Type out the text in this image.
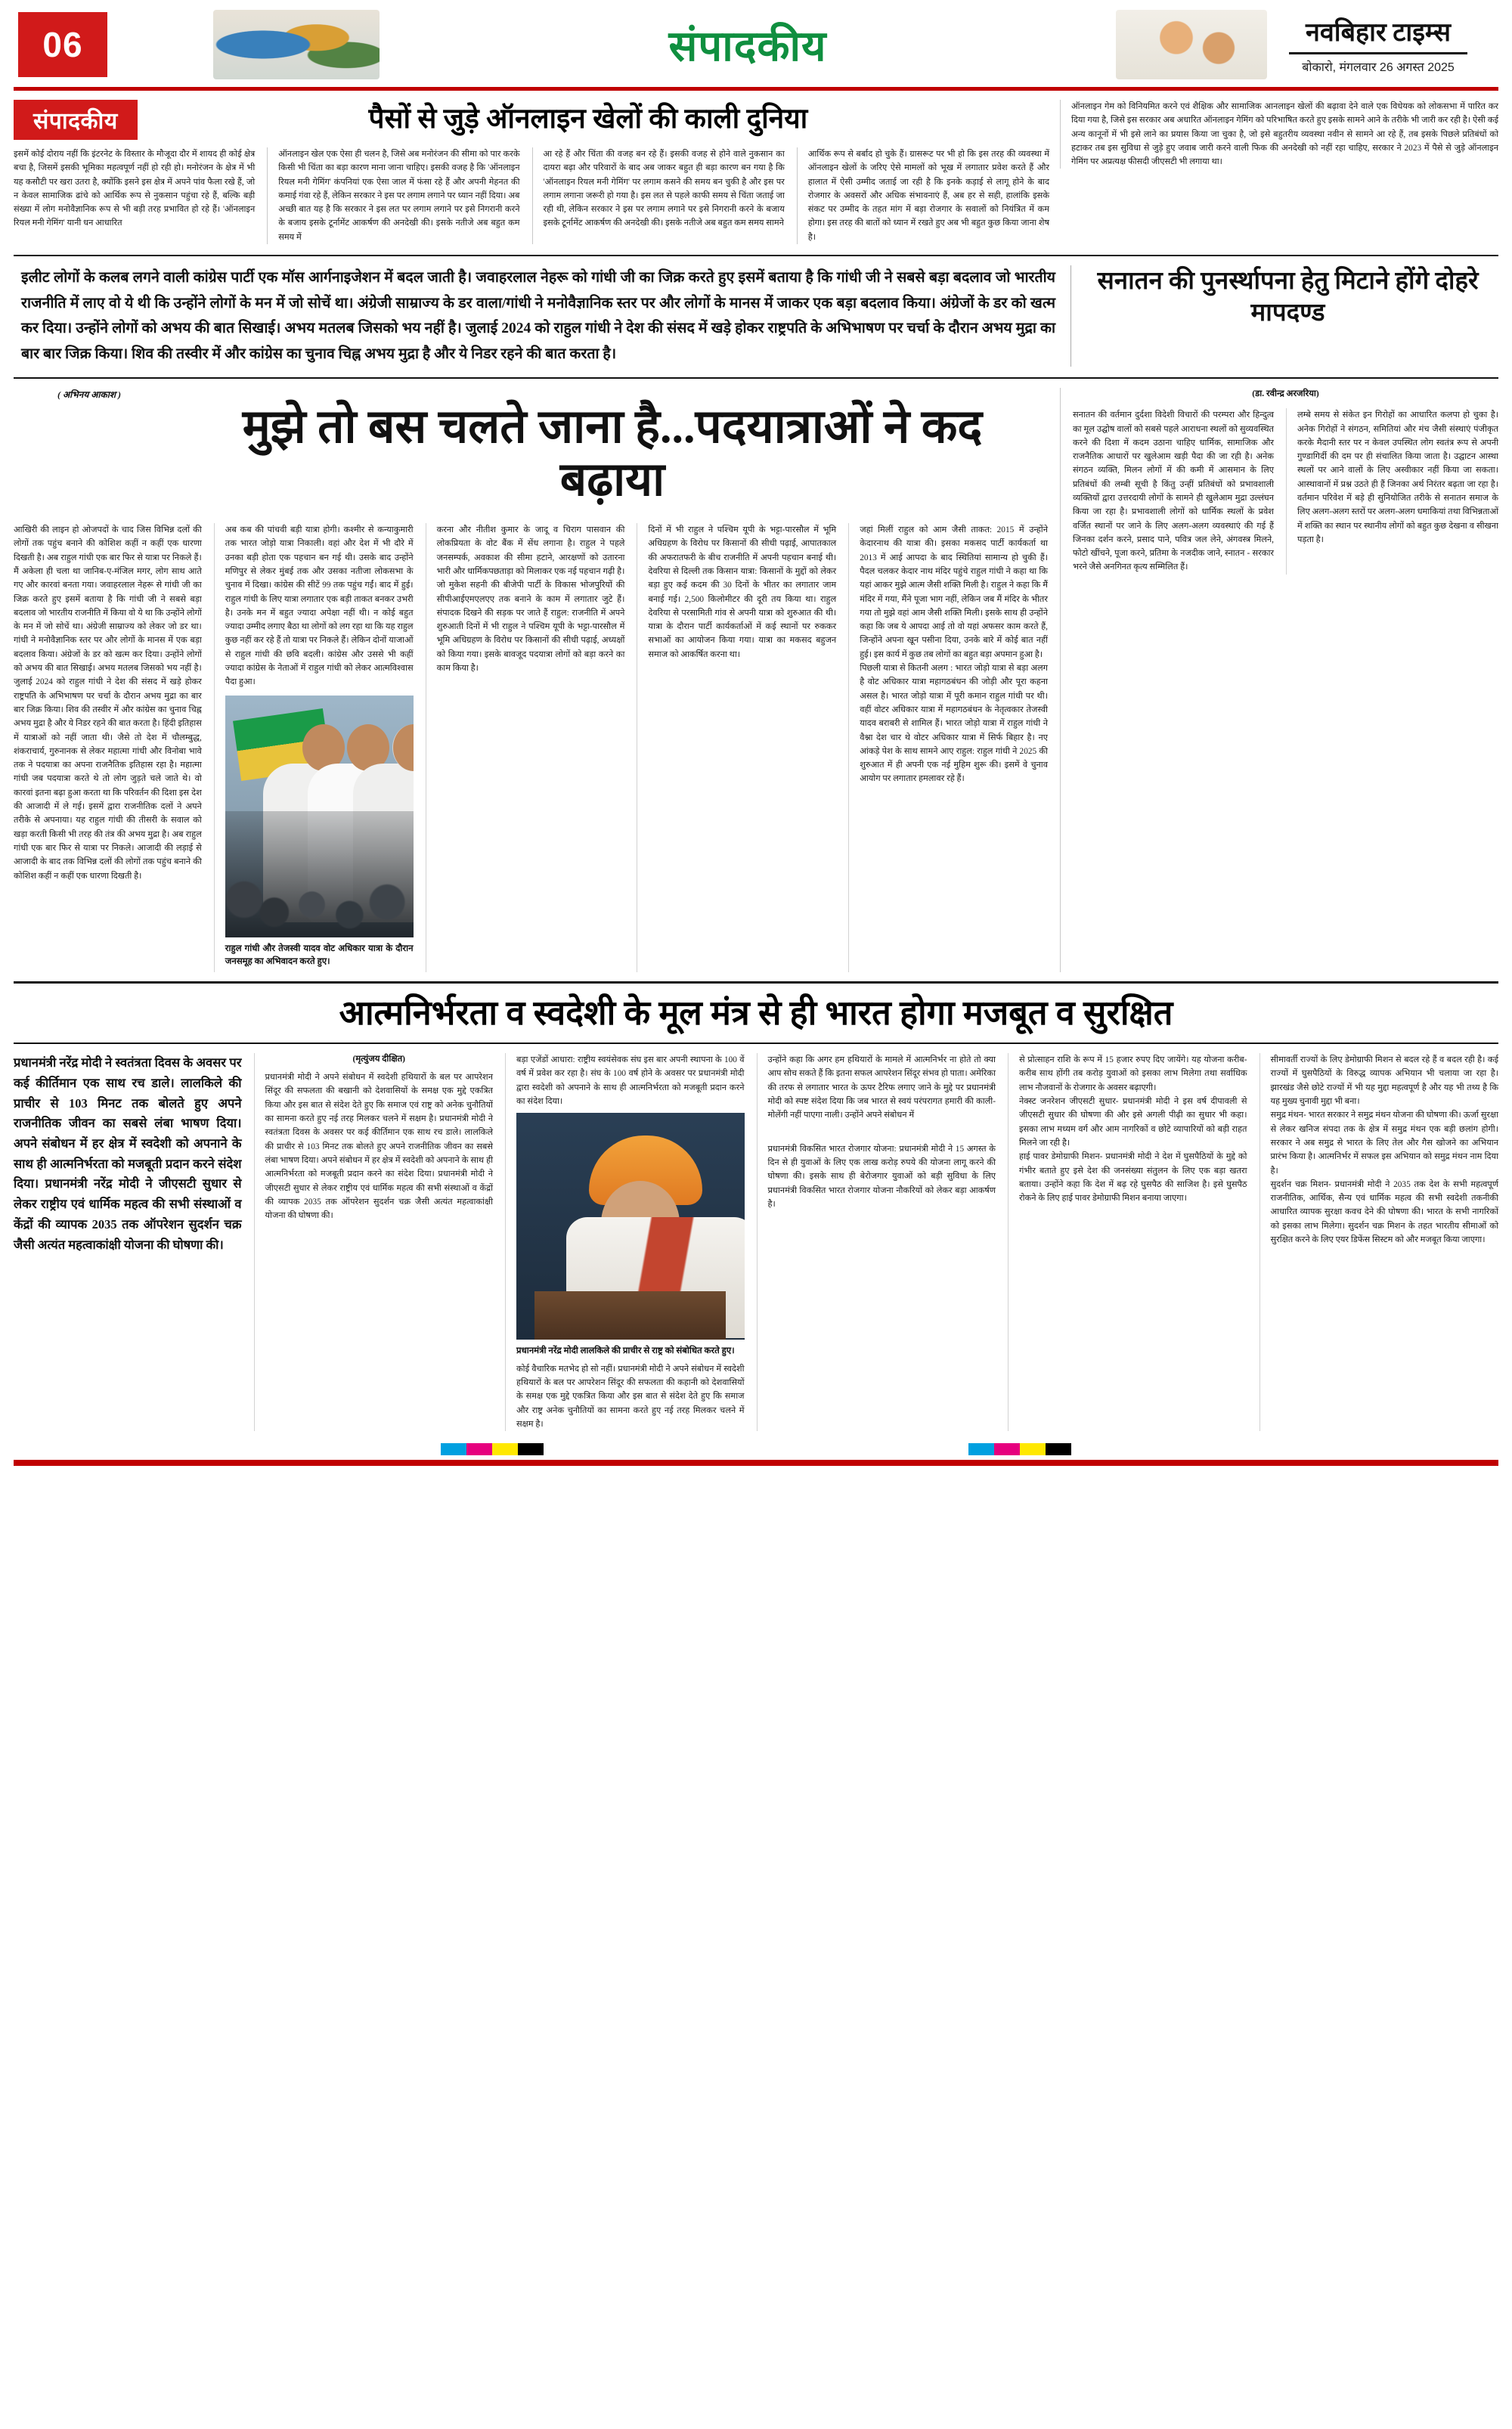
06	संपादकीय	नवबिहार टाइम्स
बोकारो, मंगलवार 26 अगस्त 2025
संपादकीय	पैसों से जुड़े ऑनलाइन खेलों की काली दुनिया
इसमें कोई दोराय नहीं कि इंटरनेट के विस्तार के मौजूदा दौर में शायद ही कोई क्षेत्र बचा है, जिसमें इसकी भूमिका महत्वपूर्ण नहीं हो रही हो। मनोरंजन के क्षेत्र में भी यह कसौटी पर खरा उतरा है, क्योंकि इसने इस क्षेत्र में अपने पांव फैला रखे हैं, जो न केवल सामाजिक ढांचे को आर्थिक रूप से नुकसान पहुंचा रहे हैं, बल्कि बड़ी संख्या में लोग मनोवैज्ञानिक रूप से भी बड़ी तरह प्रभावित हो रहे हैं। 'ऑनलाइन रियल मनी गेमिंग' यानी धन आधारित
ऑनलाइन खेल एक ऐसा ही चलन है, जिसे अब मनोरंजन की सीमा को पार करके किसी भी चिंता का बड़ा कारण माना जाना चाहिए। इसकी वजह है कि 'ऑनलाइन रियल मनी गेमिंग' कंपनियां एक ऐसा जाल में फंसा रहे हैं और अपनी मेहनत की कमाई गंवा रहे हैं, लेकिन सरकार ने इस पर लगाम लगाने पर ध्यान नहीं दिया। अब अच्छी बात यह है कि सरकार ने इस लत पर लगाम लगाने पर इसे निगरानी करने के बजाय इसके टूर्नामेंट आकर्षण की अनदेखी की। इसके नतीजे अब बहुत कम समय में
आ रहे हैं और चिंता की वजह बन रहे हैं। इसकी वजह से होने वाले नुकसान का दायरा बढ़ा और परिवारों के बाद अब जाकर बहुत ही बड़ा कारण बन गया है कि 'ऑनलाइन रियल मनी गेमिंग' पर लगाम कसने की समय बन चुकी है और इस पर लगाम लगाना जरूरी हो गया है। इस लत से पहले काफी समय से चिंता जताई जा रही थी, लेकिन सरकार ने इस पर लगाम लगाने पर इसे निगरानी करने के बजाय इसके टूर्नामेंट आकर्षण की अनदेखी की। इसके नतीजे अब बहुत कम समय सामने
आर्थिक रूप से बर्बाद हो चुके हैं। ग्रासरूट पर भी हो कि इस तरह की व्यवस्था में ऑनलाइन खेलों के जरिए ऐसे मामलों को भूख में लगातार प्रवेश करते हैं और हालात में ऐसी उम्मीद जताई जा रही है कि इनके कड़ाई से लागू होने के बाद रोजगार के अवसरों और अधिक संभावनाएं हैं, अब हर से सही, हालांकि इसके संकट पर उम्मीद के तहत मांग में बड़ा रोजगार के सवालों को नियंत्रित में कम होगा। इस तरह की बातों को ध्यान में रखते हुए अब भी बहुत कुछ किया जाना शेष है।
ऑनलाइन गेम को विनियमित करने एवं शैक्षिक और सामाजिक आनलाइन खेलों की बढ़ावा देने वाले एक विधेयक को लोकसभा में पारित कर दिया गया है, जिसे इस सरकार अब अधारित ऑनलाइन गेमिंग को परिभाषित करते हुए इसके सामने आने के तरीके भी जारी कर रही है। ऐसी कई अन्य कानूनों में भी इसे लाने का प्रयास किया जा चुका है, जो इसे बहुतरीय व्यवस्था नवीन से सामने आ रहे हैं, तब इसके पिछले प्रतिबंधों को हटाकर तब इस सुविधा से जुड़े हुए जवाब जारी करने वाली फिक की अनदेखी को नहीं रहा चाहिए, सरकार ने 2023 में पैसे से जुड़े ऑनलाइन गेमिंग पर अप्रत्यक्ष फीसदी जीएसटी भी लगाया था।
इलीट लोगों के कलब लगने वाली कांग्रेस पार्टी एक मॉस आर्गनाइजेशन में बदल जाती है। जवाहरलाल नेहरू को गांधी जी का जिक्र करते हुए इसमें बताया है कि गांधी जी ने सबसे बड़ा बदलाव जो भारतीय राजनीति में लाए वो ये थी कि उन्होंने लोगों के मन में जो सोचें था। अंग्रेजी साम्राज्य के डर वाला/गांधी ने मनोवैज्ञानिक स्तर पर और लोगों के मानस में जाकर एक बड़ा बदलाव किया। अंग्रेजों के डर को खत्म कर दिया। उन्होंने लोगों को अभय की बात सिखाई। अभय मतलब जिसको भय नहीं है। जुलाई 2024 को राहुल गांधी ने देश की संसद में खड़े होकर राष्ट्रपति के अभिभाषण पर चर्चा के दौरान अभय मुद्रा का बार बार जिक्र किया। शिव की तस्वीर में और कांग्रेस का चुनाव चिह्न अभय मुद्रा है और ये निडर रहने की बात करता है।
सनातन की पुनर्स्थापना हेतु मिटाने होंगे दोहरे मापदण्ड
( अभिनय आकाश )
मुझे तो बस चलते जाना है...पदयात्राओं ने कद बढ़ाया
आखिरी की लाइन हो ओजपदों के चाद जिस विभिन्न दलों की लोगों तक पहुंच बनाने की कोशिश कहीं न कहीं एक धारणा दिखती है। अब राहुल गांधी एक बार फिर से यात्रा पर निकले हैं। मैं अकेला ही चला था जानिब-ए-मंजिल मगर, लोग साथ आते गए और कारवां बनता गया। जवाहरलाल नेहरू से गांधी जी का जिक्र करते हुए इसमें बताया है कि गांधी जी ने सबसे बड़ा बदलाव जो भारतीय राजनीति में किया वो ये था कि उन्होंने लोगों के मन में जो सोचें था। अंग्रेजी साम्राज्य को लेकर जो डर था। गांधी ने मनोवैज्ञानिक स्तर पर और लोगों के मानस में एक बड़ा बदलाव किया। अंग्रेजों के डर को खत्म कर दिया। उन्होंने लोगों को अभय की बात सिखाई। अभय मतलब जिसको भय नहीं है। जुलाई 2024 को राहुल गांधी ने देश की संसद में खड़े होकर राष्ट्रपति के अभिभाषण पर चर्चा के दौरान अभय मुद्रा का बार बार जिक्र किया। शिव की तस्वीर में और कांग्रेस का चुनाव चिह्न अभय मुद्रा है और ये निडर रहने की बात करता है। हिंदी इतिहास में यात्राओं को नहीं जाता थी। जैसे तो देश में चौलम्बुद्ध, शंकराचार्य, गुरुनानक से लेकर महात्मा गांधी और विनोबा भावे तक ने पदयात्रा का अपना राजनैतिक इतिहास रहा है। महात्मा गांधी जब पदयात्रा करते थे तो लोग जुड़ते चले जाते थे। वो कारवां इतना बढ़ा हुआ करता था कि परिवर्तन की दिशा इस देश की आजादी में ले गई। इसमें द्वारा राजनीतिक दलों ने अपने तरीके से अपनाया। यह राहुल गांधी की तीसरी के सवाल को खड़ा करती किसी भी तरह की तंत्र की अभय मुद्रा है। अब राहुल गांधी एक बार फिर से यात्रा पर निकले। आजादी की लड़ाई से आजादी के बाद तक विभिन्न दलों की लोगों तक पहुंच बनाने की कोशिश कहीं न कहीं एक धारणा दिखती है।
अब कब की पांचवी बड़ी यात्रा होगी। कश्मीर से कन्याकुमारी तक भारत जोड़ो यात्रा निकाली। वहां और देश में भी दौरे में उनका बड़ी होता एक पहचान बन गई थी। उसके बाद उन्होंने मणिपुर से लेकर मुंबई तक और उसका नतीजा लोकसभा के चुनाव में दिखा। कांग्रेस की सीटें 99 तक पहुंच गईं। बाद में हुई। राहुल गांधी के लिए यात्रा लगातार एक बड़ी ताकत बनकर उभरी है। उनके मन में बहुत ज्यादा अपेक्षा नहीं थी। न कोई बहुत ज्यादा उम्मीद लगाए बैठा था लोगों को लग रहा था कि यह राहुल कुछ नहीं कर रहे हैं तो यात्रा पर निकले हैं। लेकिन दोनों याजाओं से राहुल गांधी की छवि बदली। कांग्रेस और उससे भी कहीं ज्यादा कांग्रेस के नेताओं में राहुल गांधी को लेकर आत्मविश्वास पैदा हुआ।
राहुल गांधी और तेजस्वी यादव वोट अधिकार यात्रा के दौरान जनसमूह का अभिवादन करते हुए।
करना और नीतीश कुमार के जादू व चिराग पासवान की लोकप्रियता के वोट बैंक में सेंध लगाना है। राहुल ने पहले जनसम्पर्क, अवकाश की सीमा हटाने, आरक्षणों को उतारना भारी और धार्मिकपछताड़ा को मिलाकर एक नई पहचान गढ़ी है। जो मुकेश सहनी की बीजेपी पार्टी के विकास भोजपुरियों की सीपीआईएमएलएए तक बनाने के काम में लगातार जुटे हैं। संपादक दिखने की सड़क पर जाते हैं राहुल: राजनीति में अपने शुरुआती दिनों में भी राहुल ने पश्चिम यूपी के भट्टा-पारसौल में भूमि अधिग्रहण के विरोध पर किसानों की सीधी पढ़ाई, अध्यक्षों को किया गया। इसके बावजूद पदयात्रा लोगों को बड़ा करने का काम किया है।
दिनों में भी राहुल ने पश्चिम यूपी के भट्टा-पारसौल में भूमि अधिग्रहण के विरोध पर किसानों की सीधी पढ़ाई, आपातकाल की अफरातफरी के बीच राजनीति में अपनी पहचान बनाई थी। देवरिया से दिल्ली तक किसान यात्रा: किसानों के मुद्दों को लेकर बड़ा हुए कई कदम की 30 दिनों के भीतर का लगातार जाम बनाई गई। 2,500 किलोमीटर की दूरी तय किया था। राहुल देवरिया से परसामिती गांव से अपनी यात्रा को शुरुआत की थी। यात्रा के दौरान पार्टी कार्यकर्ताओं में कई स्थानों पर रुककर सभाओं का आयोजन किया गया। यात्रा का मकसद बहुजन समाज को आकर्षित करना था।
जहां मिलीं राहुल को आम जैसी ताकत: 2015 में उन्होंने केदारनाथ की यात्रा की। इसका मकसद पार्टी कार्यकर्ता था 2013 में आई आपदा के बाद स्थितियां सामान्य हो चुकी हैं। पैदल चलकर केदार नाथ मंदिर पहुंचे राहुल गांधी ने कहा था कि यहां आकर मुझे आत्म जैसी शक्ति मिली है। राहुल ने कहा कि मैं मंदिर में गया, मैंने पूजा भाग नहीं, लेकिन जब मैं मंदिर के भीतर गया तो मुझे वहां आम जैसी शक्ति मिली। इसके साथ ही उन्होंने कहा कि जब ये आपदा आई तो वो यहां अफसर काम करते हैं, जिन्होंने अपना खून पसीना दिया, उनके बारे में कोई बात नहीं हुई। इस कार्य में कुछ तब लोगों का बहुत बड़ा अपमान हुआ है।
पिछली यात्रा से कितनी अलग : भारत जोड़ो यात्रा से बड़ा अलग है वोट अधिकार यात्रा महागठबंधन की जोड़ी और पूरा कहना असल है। भारत जोड़ो यात्रा में पूरी कमान राहुल गांधी पर थी। वहीं वोटर अधिकार यात्रा में महागठबंधन के नेतृत्वकार तेजस्वी यादव बराबरी से शामिल हैं। भारत जोड़ो यात्रा में राहुल गांधी ने वैश्ना देश चार थे वोटर अधिकार यात्रा में सिर्फ बिहार है। नए आंकड़े पेश के साथ सामने आए राहुल: राहुल गांधी ने 2025 की शुरुआत में ही अपनी एक नई मुहिम शुरू की। इसमें वे चुनाव आयोग पर लगातार हमलावर रहे हैं।
(डा. रवीन्द्र अरजरिया)
सनातन की वर्तमान दुर्दशा विदेशी विचारों की परम्परा और हिन्दुत्व का मूल उद्घोष वालों को सबसे पहले आराधना स्थलों को सुव्यवस्थित करने की दिशा में कदम उठाना चाहिए धार्मिक, सामाजिक और राजनैतिक आधारों पर खुलेआम खड़ी पैदा की जा रही है। अनेक संगठन व्यक्ति, मिलन लोगों में की कमी में आसमान के लिए प्रतिबंधों की लम्बी सूची है किंतु उन्हीं प्रतिबंधों को प्रभावशाली व्यक्तियों द्वारा उत्तरदायी लोगों के सामने ही खुलेआम मुद्रा उल्लंघन किया जा रहा है। प्रभावशाली लोगों को धार्मिक स्थलों के प्रवेश वर्जित स्थानों पर जाने के लिए अलग-अलग व्यवस्थाएं की गई हैं जिनका दर्शन करने, प्रसाद पाने, पवित्र जल लेने, अंगवस्त्र मिलने, फोटो खींचने, पूजा करने, प्रतिमा के नजदीक जाने, स्नातन - सरकार भरने जैसे अनगिनत कृत्य सम्मिलित हैं।
लम्बे समय से संकेत इन गिरोहों का आधारित कलपा हो चुका है। अनेक गिरोहों ने संगठन, समितियां और मंच जैसी संस्थाएं पंजीकृत करके मैदानी स्तर पर न केवल उपस्थित लोग स्वतंत्र रूप से अपनी गुण्डागिर्दी की दम पर ही संचालित किया जाता है। उद्घाटन आस्था स्थलों पर आने वालों के लिए अस्वीकार नहीं किया जा सकता। आस्थावानों में प्रश्न उठते ही हैं जिनका अर्थ निरंतर बढ़ता जा रहा है। वर्तमान परिवेश में बड़े ही सुनियोजित तरीके से सनातन समाज के लिए अलग-अलग स्तरों पर अलग-अलग धमाकियां तथा विभिन्नताओं में शक्ति का स्थान पर स्थानीय लोगों को बहुत कुछ देखना व सीखना पड़ता है।
आत्मनिर्भरता व स्वदेशी के मूल मंत्र से ही भारत होगा मजबूत व सुरक्षित
प्रधानमंत्री नरेंद्र मोदी ने स्वतंत्रता दिवस के अवसर पर कई कीर्तिमान एक साथ रच डाले। लालकिले की प्राचीर से 103 मिनट तक बोलते हुए अपने राजनीतिक जीवन का सबसे लंबा भाषण दिया। अपने संबोधन में हर क्षेत्र में स्वदेशी को अपनाने के साथ ही आत्मनिर्भरता को मजबूती प्रदान करने संदेश दिया। प्रधानमंत्री नरेंद्र मोदी ने जीएसटी सुधार से लेकर राष्ट्रीय एवं धार्मिक महत्व की सभी संस्थाओं व केंद्रों की व्यापक 2035 तक ऑपरेशन सुदर्शन चक्र जैसी अत्यंत महत्वाकांक्षी योजना की घोषणा की।
(मृत्युंजय दीक्षित)
प्रधानमंत्री मोदी ने अपने संबोधन में स्वदेशी हथियारों के बल पर आपरेशन सिंदूर की सफलता की बखानी को देशवासियों के समक्ष एक मुद्दे एकत्रित किया और इस बात से संदेश देते हुए कि समाज एवं राष्ट्र को अनेक चुनौतियों का सामना करते हुए नई तरह मिलकर चलने में सक्षम है। प्रधानमंत्री मोदी ने स्वतंत्रता दिवस के अवसर पर कई कीर्तिमान एक साथ रच डाले। लालकिले की प्राचीर से 103 मिनट तक बोलते हुए अपने राजनीतिक जीवन का सबसे लंबा भाषण दिया। अपने संबोधन में हर क्षेत्र में स्वदेशी को अपनाने के साथ ही आत्मनिर्भरता को मजबूती प्रदान करने का संदेश दिया। प्रधानमंत्री मोदी ने जीएसटी सुधार से लेकर राष्ट्रीय एवं धार्मिक महत्व की सभी संस्थाओं व केंद्रों की व्यापक 2035 तक ऑपरेशन सुदर्शन चक्र जैसी अत्यंत महत्वाकांक्षी योजना की घोषणा की।
बड़ा एजेंडों आधारा: राष्ट्रीय स्वयंसेवक संघ इस बार अपनी स्थापना के 100 वें वर्ष में प्रवेश कर रहा है। संघ के 100 वर्ष होने के अवसर पर प्रधानमंत्री मोदी द्वारा स्वदेशी को अपनाने के साथ ही आत्मनिर्भरता को मजबूती प्रदान करने का संदेश दिया।
प्रधानमंत्री नरेंद्र मोदी लालकिले की प्राचीर से राष्ट्र को संबोधित करते हुए।
कोई वैचारिक मतभेद हो सो नहीं। प्रधानमंत्री मोदी ने अपने संबोधन में स्वदेशी हथियारों के बल पर आपरेशन सिंदूर की सफलता की कहानी को देशवासियों के समक्ष एक मुद्दे एकत्रित किया और इस बात से संदेश देते हुए कि समाज और राष्ट्र अनेक चुनौतियों का सामना करते हुए नई तरह मिलकर चलने में सक्षम है।
उन्होंने कहा कि अगर हम हथियारों के मामले में आत्मनिर्भर ना होते तो क्या आप सोच सकते हैं कि इतना सफल आपरेशन सिंदूर संभव हो पाता। अमेरिका की तरफ से लगातार भारत के ऊपर टैरिफ लगाए जाने के मुद्दे पर प्रधानमंत्री मोदी को स्पष्ट संदेश दिया कि जब भारत से स्वयं परंपरागत हमारी की काली-मोलेंगी नहीं पाएगा नाली। उन्होंने अपने संबोधन में

प्रधानमंत्री विकसित भारत रोजगार योजना: प्रधानमंत्री मोदी ने 15 अगस्त के दिन से ही युवाओं के लिए एक लाख करोड़ रुपये की योजना लागू करने की घोषणा की। इसके साथ ही बेरोजगार युवाओं को बड़ी सुविधा के लिए प्रधानमंत्री विकसित भारत रोजगार योजना नौकरियों को लेकर बड़ा आकर्षण है।
से प्रोत्साहन राशि के रूप में 15 हजार रुपए दिए जायेंगे। यह योजना करीब-करीब साथ होंगी तब करोड़ युवाओं को इसका लाभ मिलेगा तथा सर्वाधिक लाभ नौजवानों के रोजगार के अवसर बढ़ाएगी।
नेक्स्ट जनरेशन जीएसटी सुधार- प्रधानमंत्री मोदी ने इस वर्ष दीपावली से जीएसटी सुधार की घोषणा की और इसे अगली पीढ़ी का सुधार भी कहा। इसका लाभ मध्यम वर्ग और आम नागरिकों व छोटे व्यापारियों को बड़ी राहत मिलने जा रही है।
हाई पावर डेमोग्राफी मिशन- प्रधानमंत्री मोदी ने देश में घुसपैठियों के मुद्दे को गंभीर बताते हुए इसे देश की जनसंख्या संतुलन के लिए एक बड़ा खतरा बताया। उन्होंने कहा कि देश में बढ़ रहे घुसपैठ की साजिश है। इसे घुसपैठ रोकने के लिए हाई पावर डेमोग्राफी मिशन बनाया जाएगा।
सीमावर्ती राज्यों के लिए डेमोग्राफी मिशन से बदल रहे हैं व बदल रही है। कई राज्यों में घुसपैठियों के विरुद्ध व्यापक अभियान भी चलाया जा रहा है। झारखंड जैसे छोटे राज्यों में भी यह मुद्दा महत्वपूर्ण है और यह भी तथ्य है कि यह मुख्य चुनावी मुद्दा भी बना।
समुद्र मंथन- भारत सरकार ने समुद्र मंथन योजना की घोषणा की। ऊर्जा सुरक्षा से लेकर खनिज संपदा तक के क्षेत्र में समुद्र मंथन एक बड़ी छलांग होगी। सरकार ने अब समुद्र से भारत के लिए तेल और गैस खोजने का अभियान प्रारंभ किया है। आत्मनिर्भर में सफल इस अभियान को समुद्र मंथन नाम दिया है।
सुदर्शन चक्र मिशन- प्रधानमंत्री मोदी ने 2035 तक देश के सभी महत्वपूर्ण राजनीतिक, आर्थिक, सैन्य एवं धार्मिक महत्व की सभी स्वदेशी तकनीकी आधारित व्यापक सुरक्षा कवच देने की घोषणा की। भारत के सभी नागरिकों को इसका लाभ मिलेगा। सुदर्शन चक्र मिशन के तहत भारतीय सीमाओं को सुरक्षित करने के लिए एयर डिफेंस सिस्टम को और मजबूत किया जाएगा।
